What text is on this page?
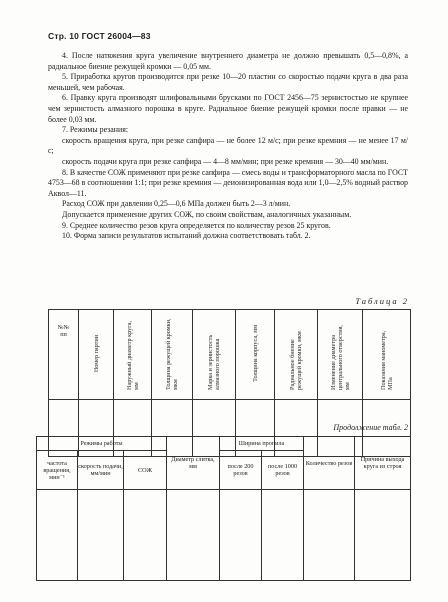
Стр. 10 ГОСТ 26004—83

4. После натяжения круга увеличение внутреннего диаметра не должно превышать 0,5—0,8%, а радиальное биение режущей кромки — 0,05 мм.

5. Приработка кругов производится при резке 10—20 пластин со скоростью подачи круга в два раза меньшей, чем рабочая.

6. Правку круга производят шлифовальными брусками по ГОСТ 2456—75 зернистостью не крупнее чем зернистость алмазного порошка в круге. Радиальное биение режущей кромки после правки — не более 0,03 мм.

7. Режимы резания:

скорость вращения круга, при резке сапфира — не более 12 м/с; при резке кремния — не менее 17 м/с;

скорость подачи круга при резке сапфира — 4—8 мм/мин; при резке кремния — 30—40 мм/мин.

8. В качестве СОЖ применяют при резке сапфира — смесь воды и трансформаторного масла по ГОСТ 4753—68 в соотношении 1:1; при резке кремния — деионизированная вода или 1,0—2,5% водный раствор Аквол—11.

Расход СОЖ при давлении 0,25—0,6 МПа должен быть 2—3 л/мин.

Допускается применение других СОЖ, по своим свойствам, аналогичных указанным.

9. Среднее количество резов круга определяется по количеству резов 25 кругов.

10. Форма записи результатов испытаний должна соответствовать табл. 2.

Таблица 2
№№ пп	Номер партии	Наружный диаметр круга, мм	Толщина режущей кромки, мкм	Марка и зернистость алмазного порошка	Толщина корпуса, мм	Радиальное биение режущей кромки, мкм	Изменение диаметра центрального отверстия, мм	Показания манометра, МПа

Продолжение табл. 2
Режимы работы			Диаметр слитка, мм	Ширина пропила		Количество резов	Причина выхода круга из строя
частота вращения, мин⁻¹	скорость подачи, мм/мин	СОЖ		после 200 резов	после 1000 резов		
